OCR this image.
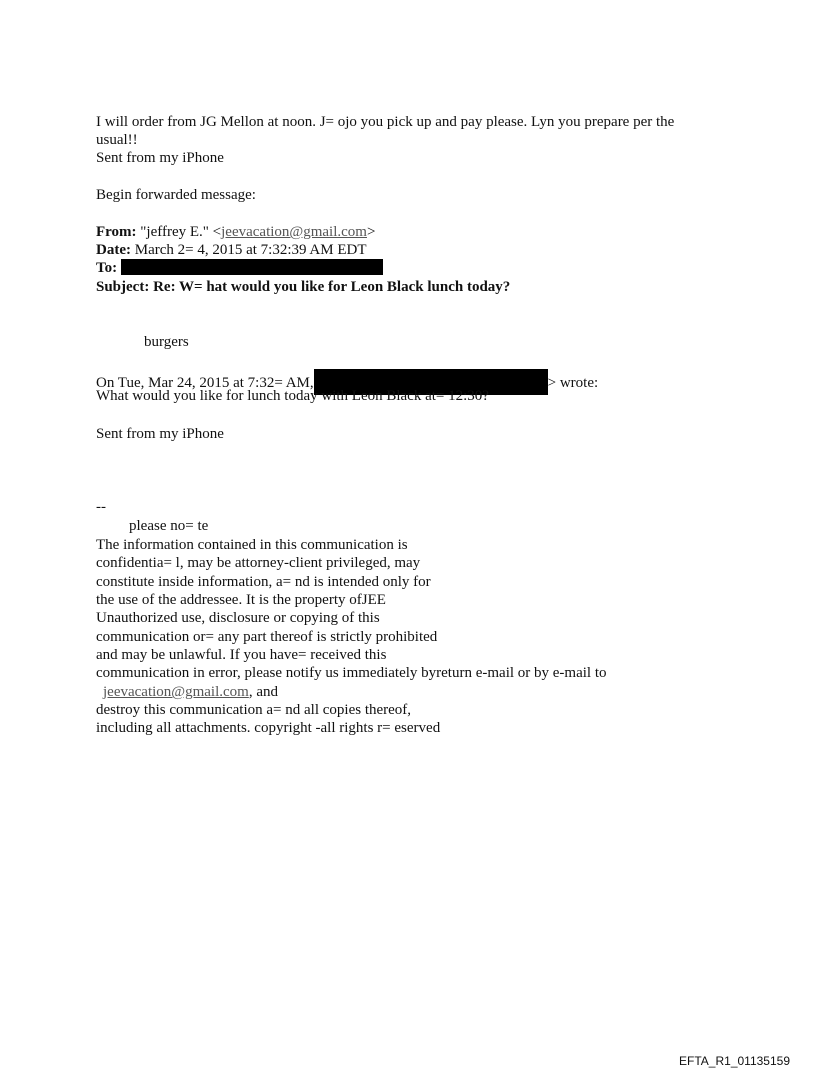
I will order from JG Mellon at noon. J= ojo you pick up and pay please. Lyn you prepare per the
usual!!
Sent from my iPhone
Begin forwarded message:
From: "jeffrey E." <jeevacation@gmail.com>
Date: March 2= 4, 2015 at 7:32:39 AM EDT
To:
Subject: Re: W= hat would you like for Leon Black lunch today?
burgers
On Tue, Mar 24, 2015 at 7:32= AM,	> wrote:
What would you like for lunch today with Leon Black at= 12:30?
Sent from my iPhone
--
please no= te
The information contained in this communication is
confidentia= l, may be attorney-client privileged, may
constitute inside information, a= nd is intended only for
the use of the addressee. It is the property ofJEE
Unauthorized use, disclosure or copying of this
communication or= any part thereof is strictly prohibited
and may be unlawful. If you have= received this
communication in error, please notify us immediately byreturn e-mail or by e-mail to
jeevacation@gmail.com, and
destroy this communication a= nd all copies thereof,
including all attachments. copyright -all rights r= eserved
EFTA_R1_01135159
